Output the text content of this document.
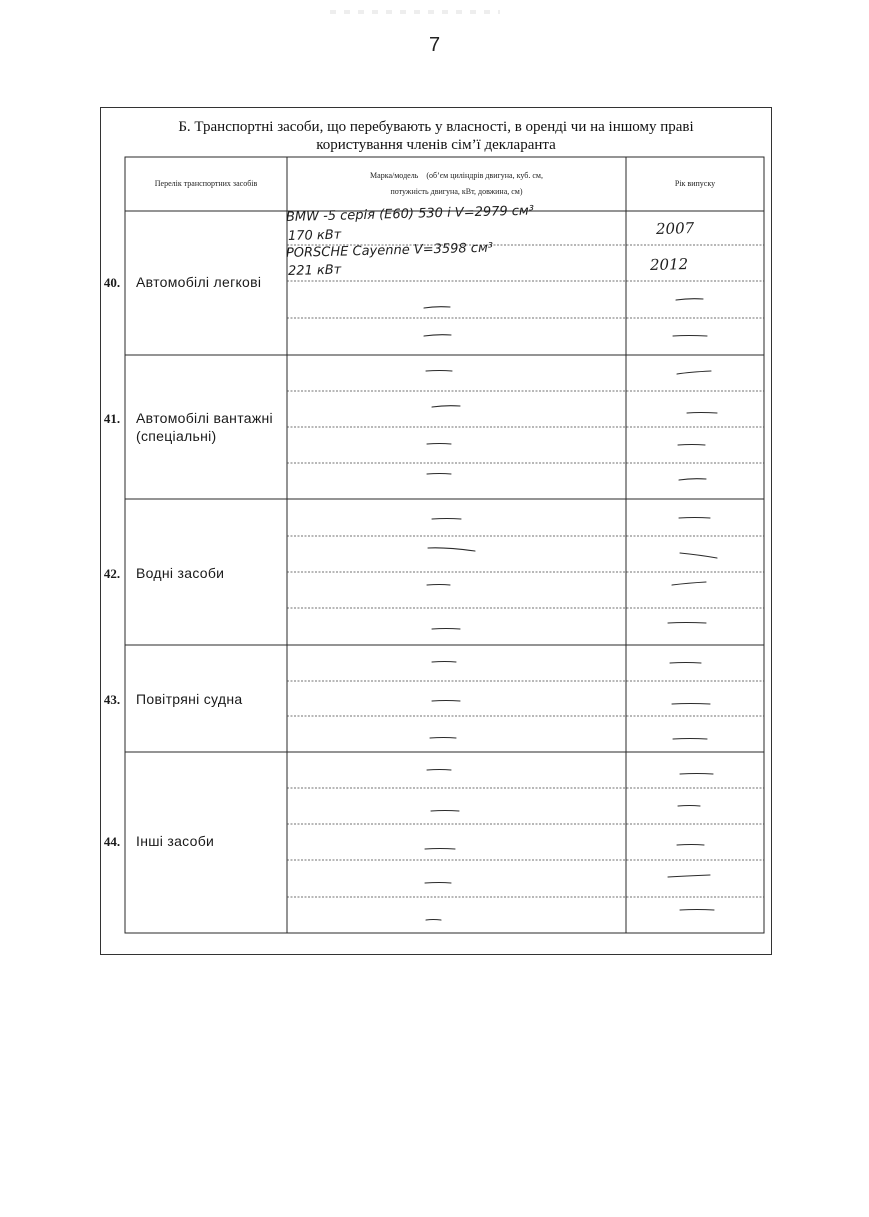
7
Б. Транспортні засоби, що перебувають у власності, в оренді чи на іншому праві
користування членів сім’ї декларанта
Перелік транспортних засобів
Марка/модель    (об’єм циліндрів двигуна, куб. см,
потужність двигуна, кВт, довжина, см)
Рік випуску
40. Автомобілі легкові
41. Автомобілі вантажні (спеціальні)
42. Водні засоби
43. Повітряні судна
44. Інші засоби
BMW -5 серія (E60) 530 і V=2979 см³
170 кВт	2007
PORSCHE Cayenne V=3598 см³
221 кВт	2012
